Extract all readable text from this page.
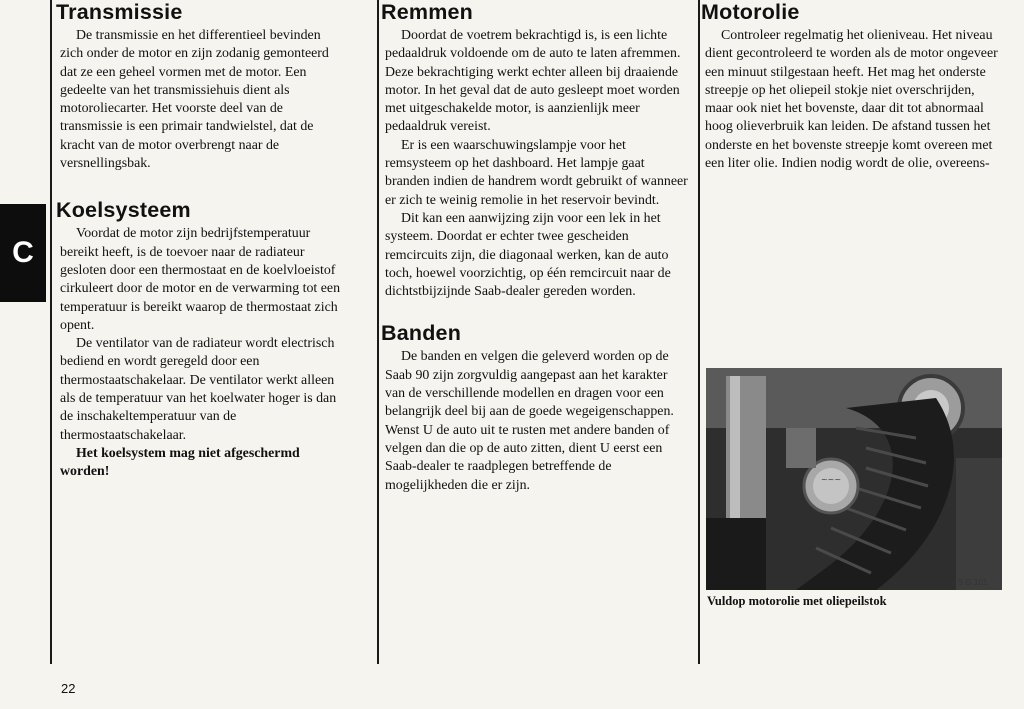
C
Transmissie

De transmissie en het differentieel bevinden zich onder de motor en zijn zodanig gemonteerd dat ze een geheel vormen met de motor. Een gedeelte van het transmissiehuis dient als motoroliecarter. Het voorste deel van de transmissie is een primair tandwielstel, dat de kracht van de motor overbrengt naar de versnellingsbak.

Koelsysteem

Voordat de motor zijn bedrijfstemperatuur bereikt heeft, is de toevoer naar de radiateur gesloten door een thermostaat en de koelvloeistof cirkuleert door de motor en de verwarming tot een temperatuur is bereikt waarop de thermostaat zich opent.

De ventilator van de radiateur wordt electrisch bediend en wordt geregeld door een thermostaatschakelaar. De ventilator werkt alleen als de temperatuur van het koelwater hoger is dan de inschakeltemperatuur van de thermostaatschakelaar.

Het koelsystem mag niet afgeschermd worden!

Remmen

Doordat de voetrem bekrachtigd is, is een lichte pedaaldruk voldoende om de auto te laten afremmen. Deze bekrachtiging werkt echter alleen bij draaiende motor. In het geval dat de auto gesleept moet worden met uitgeschakelde motor, is aanzienlijk meer pedaaldruk vereist.

Er is een waarschuwingslampje voor het remsysteem op het dashboard. Het lampje gaat branden indien de handrem wordt gebruikt of wanneer er zich te weinig remolie in het reservoir bevindt.

Dit kan een aanwijzing zijn voor een lek in het systeem. Doordat er echter twee gescheiden remcircuits zijn, die diagonaal werken, kan de auto toch, hoewel voorzichtig, op één remcircuit naar de dichtstbijzijnde Saab-dealer gereden worden.

Banden

De banden en velgen die geleverd worden op de Saab 90 zijn zorgvuldig aangepast aan het karakter van de verschillende modellen en dragen voor een belangrijk deel bij aan de goede wegeigenschappen. Wenst U de auto uit te rusten met andere banden of velgen dan die op de auto zitten, dient U eerst een Saab-dealer te raadplegen betreffende de mogelijkheden die er zijn.

Motorolie

Controleer regelmatig het olieniveau. Het niveau dient gecontroleerd te worden als de motor ongeveer een minuut stilgestaan heeft. Het mag het onderste streepje op het oliepeil stokje niet overschrijden, maar ook niet het bovenste, daar dit tot abnormaal hoog olieverbruik kan leiden. De afstand tussen het onderste en het bovenste streepje komt overeen met een liter olie. Indien nodig wordt de olie, overeens-

~~~
S G 101
Vuldop motorolie met oliepeilstok
22
